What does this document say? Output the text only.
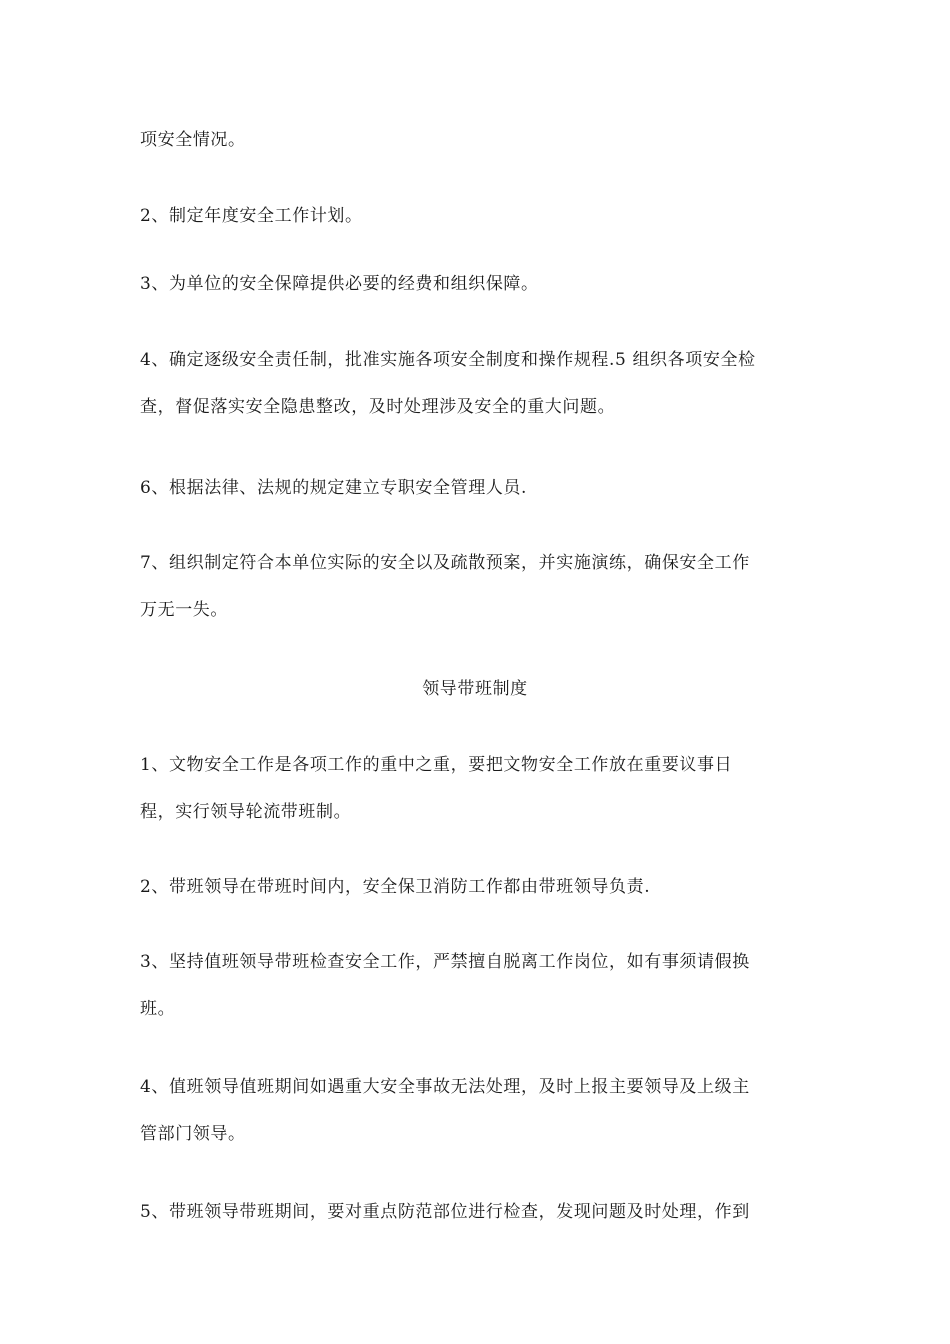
项安全情况。
2、制定年度安全工作计划。
3、为单位的安全保障提供必要的经费和组织保障。
4、确定逐级安全责任制，批准实施各项安全制度和操作规程.5 组织各项安全检
查，督促落实安全隐患整改，及时处理涉及安全的重大问题。
6、根据法律、法规的规定建立专职安全管理人员.
7、组织制定符合本单位实际的安全以及疏散预案，并实施演练，确保安全工作
万无一失。
领导带班制度
1、文物安全工作是各项工作的重中之重，要把文物安全工作放在重要议事日
程，实行领导轮流带班制。
2、带班领导在带班时间内，安全保卫消防工作都由带班领导负责.
3、坚持值班领导带班检查安全工作，严禁擅自脱离工作岗位，如有事须请假换
班。
4、值班领导值班期间如遇重大安全事故无法处理，及时上报主要领导及上级主
管部门领导。
5、带班领导带班期间，要对重点防范部位进行检查，发现问题及时处理，作到
